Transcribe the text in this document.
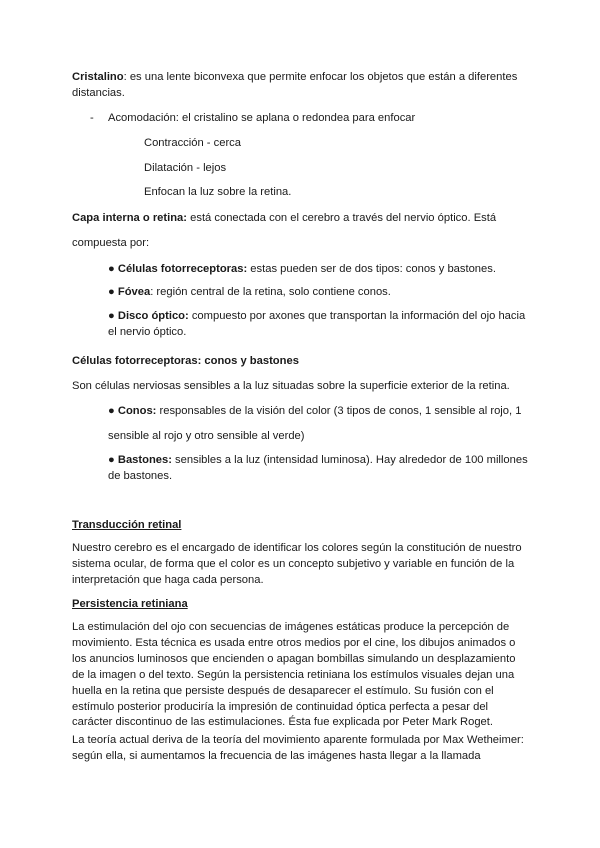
Cristalino: es una lente biconvexa que permite enfocar los objetos que están a diferentes distancias.
- Acomodación: el cristalino se aplana o redondea para enfocar
Contracción - cerca
Dilatación - lejos
Enfocan la luz sobre la retina.
Capa interna o retina: está conectada con el cerebro a través del nervio óptico. Está
compuesta por:
● Células fotorreceptoras: estas pueden ser de dos tipos: conos y bastones.
● Fóvea: región central de la retina, solo contiene conos.
● Disco óptico: compuesto por axones que transportan la información del ojo hacia el nervio óptico.
Células fotorreceptoras: conos y bastones
Son células nerviosas sensibles a la luz situadas sobre la superficie exterior de la retina.
● Conos: responsables de la visión del color (3 tipos de conos, 1 sensible al rojo, 1
sensible al rojo y otro sensible al verde)
● Bastones: sensibles a la luz (intensidad luminosa). Hay alrededor de 100 millones de bastones.
Transducción retinal
Nuestro cerebro es el encargado de identificar los colores según la constitución de nuestro sistema ocular, de forma que el color es un concepto subjetivo y variable en función de la interpretación que haga cada persona.
Persistencia retiniana
La estimulación del ojo con secuencias de imágenes estáticas produce la percepción de movimiento. Esta técnica es usada entre otros medios por el cine, los dibujos animados o los anuncios luminosos que encienden o apagan bombillas simulando un desplazamiento de la imagen o del texto. Según la persistencia retiniana los estímulos visuales dejan una huella en la retina que persiste después de desaparecer el estímulo. Su fusión con el estímulo posterior produciría la impresión de continuidad óptica perfecta a pesar del carácter discontinuo de las estimulaciones. Ésta fue explicada por Peter Mark Roget.
La teoría actual deriva de la teoría del movimiento aparente formulada por Max Wetheimer: según ella, si aumentamos la frecuencia de las imágenes hasta llegar a la llamada
